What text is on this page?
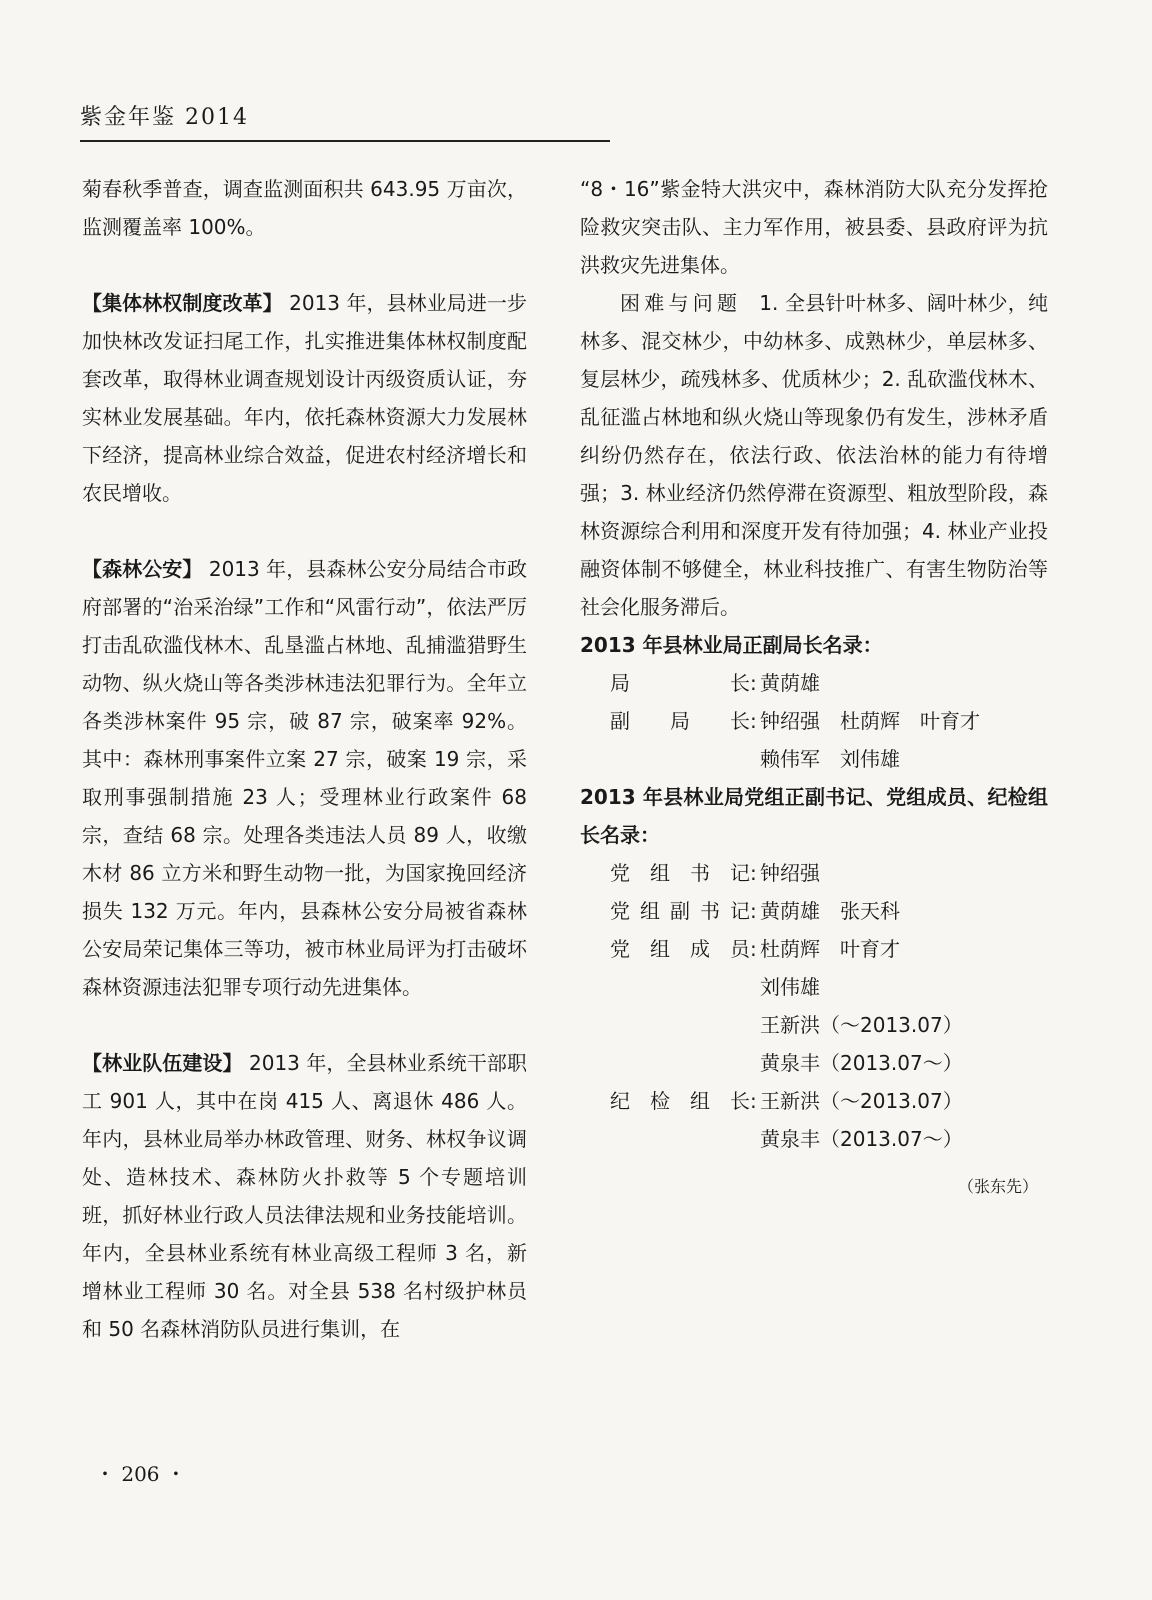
紫金年鉴 2014

菊春秋季普查，调查监测面积共 643.95 万亩次，监测覆盖率 100%。

【集体林权制度改革】 2013 年，县林业局进一步加快林改发证扫尾工作，扎实推进集体林权制度配套改革，取得林业调查规划设计丙级资质认证，夯实林业发展基础。年内，依托森林资源大力发展林下经济，提高林业综合效益，促进农村经济增长和农民增收。

【森林公安】 2013 年，县森林公安分局结合市政府部署的“治采治绿”工作和“风雷行动”，依法严厉打击乱砍滥伐林木、乱垦滥占林地、乱捕滥猎野生动物、纵火烧山等各类涉林违法犯罪行为。全年立各类涉林案件 95 宗，破 87 宗，破案率 92%。其中：森林刑事案件立案 27 宗，破案 19 宗，采取刑事强制措施 23 人；受理林业行政案件 68 宗，查结 68 宗。处理各类违法人员 89 人，收缴木材 86 立方米和野生动物一批，为国家挽回经济损失 132 万元。年内，县森林公安分局被省森林公安局荣记集体三等功，被市林业局评为打击破坏森林资源违法犯罪专项行动先进集体。

【林业队伍建设】 2013 年，全县林业系统干部职工 901 人，其中在岗 415 人、离退休 486 人。年内，县林业局举办林政管理、财务、林权争议调处、造林技术、森林防火扑救等 5 个专题培训班，抓好林业行政人员法律法规和业务技能培训。年内，全县林业系统有林业高级工程师 3 名，新增林业工程师 30 名。对全县 538 名村级护林员和 50 名森林消防队员进行集训，在

“8・16”紫金特大洪灾中，森林消防大队充分发挥抢险救灾突击队、主力军作用，被县委、县政府评为抗洪救灾先进集体。

困难与问题 1. 全县针叶林多、阔叶林少，纯林多、混交林少，中幼林多、成熟林少，单层林多、复层林少，疏残林多、优质林少；2. 乱砍滥伐林木、乱征滥占林地和纵火烧山等现象仍有发生，涉林矛盾纠纷仍然存在，依法行政、依法治林的能力有待增强；3. 林业经济仍然停滞在资源型、粗放型阶段，森林资源综合利用和深度开发有待加强；4. 林业产业投融资体制不够健全，林业科技推广、有害生物防治等社会化服务滞后。

2013 年县林业局正副局长名录：

局长 : 黄荫雄
副局长 : 钟绍强　杜荫辉　叶育才
赖伟军　刘伟雄

2013 年县林业局党组正副书记、党组成员、纪检组长名录：

党组书记 : 钟绍强
党组副书记 : 黄荫雄　张天科
党组成员 : 杜荫辉　叶育才
刘伟雄
王新洪（～2013.07）
黄泉丰（2013.07～）
纪检组长 : 王新洪（～2013.07）
黄泉丰（2013.07～）
（张东先）
・ 206 ・
